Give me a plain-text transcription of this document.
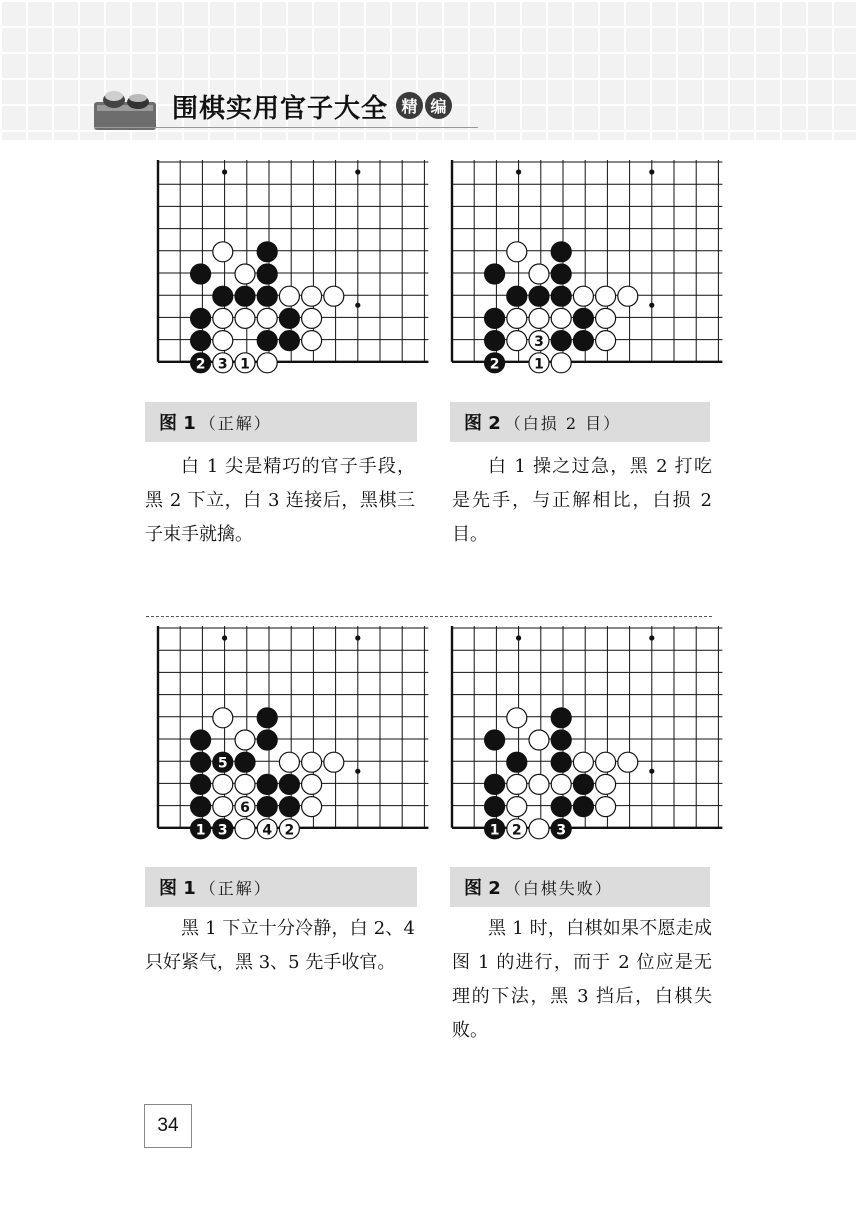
围棋实用官子大全 精 编
2 3 1	2 1
3
图 1 （正解）	图 2 （白损 2 目）
白 1 尖是精巧的官子手段，黑 2 下立，白 3 连接后，黑棋三子束手就擒。
白 1 操之过急，黑 2 打吃是先手，与正解相比，白损 2 目。
5
6
1 3 4 2	1 2 3
图 1 （正解）	图 2 （白棋失败）
黑 1 下立十分冷静，白 2、4 只好紧气，黑 3、5 先手收官。
黑 1 时，白棋如果不愿走成图 1 的进行，而于 2 位应是无理的下法，黑 3 挡后，白棋失败。
34
